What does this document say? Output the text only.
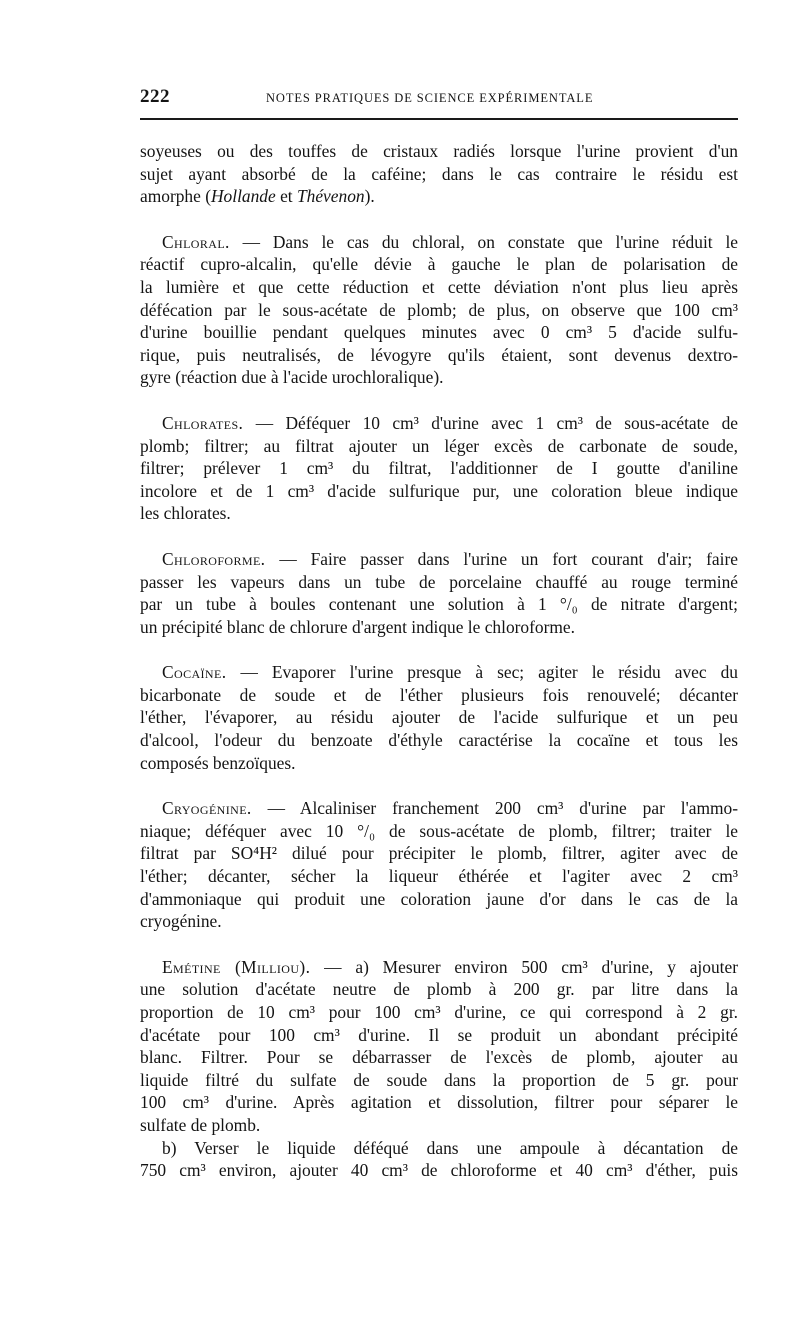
222	NOTES PRATIQUES DE SCIENCE EXPÉRIMENTALE

soyeuses ou des touffes de cristaux radiés lorsque l'urine provient d'un
sujet ayant absorbé de la caféine; dans le cas contraire le résidu est
amorphe (Hollande et Thévenon).

Chloral. — Dans le cas du chloral, on constate que l'urine réduit le
réactif cupro-alcalin, qu'elle dévie à gauche le plan de polarisation de
la lumière et que cette réduction et cette déviation n'ont plus lieu après
défécation par le sous-acétate de plomb; de plus, on observe que 100 cm³
d'urine bouillie pendant quelques minutes avec 0 cm³ 5 d'acide sulfu-
rique, puis neutralisés, de lévogyre qu'ils étaient, sont devenus dextro-
gyre (réaction due à l'acide urochloralique).

Chlorates. — Déféquer 10 cm³ d'urine avec 1 cm³ de sous-acétate de
plomb; filtrer; au filtrat ajouter un léger excès de carbonate de soude,
filtrer; prélever 1 cm³ du filtrat, l'additionner de I goutte d'aniline
incolore et de 1 cm³ d'acide sulfurique pur, une coloration bleue indique
les chlorates.

Chloroforme. — Faire passer dans l'urine un fort courant d'air; faire
passer les vapeurs dans un tube de porcelaine chauffé au rouge terminé
par un tube à boules contenant une solution à 1 °/₀ de nitrate d'argent;
un précipité blanc de chlorure d'argent indique le chloroforme.

Cocaïne. — Evaporer l'urine presque à sec; agiter le résidu avec du
bicarbonate de soude et de l'éther plusieurs fois renouvelé; décanter
l'éther, l'évaporer, au résidu ajouter de l'acide sulfurique et un peu
d'alcool, l'odeur du benzoate d'éthyle caractérise la cocaïne et tous les
composés benzoïques.

Cryogénine. — Alcaliniser franchement 200 cm³ d'urine par l'ammo-
niaque; déféquer avec 10 °/₀ de sous-acétate de plomb, filtrer; traiter le
filtrat par SO⁴H² dilué pour précipiter le plomb, filtrer, agiter avec de
l'éther; décanter, sécher la liqueur éthérée et l'agiter avec 2 cm³
d'ammoniaque qui produit une coloration jaune d'or dans le cas de la
cryogénine.

Emétine (Milliou). — a) Mesurer environ 500 cm³ d'urine, y ajouter
une solution d'acétate neutre de plomb à 200 gr. par litre dans la
proportion de 10 cm³ pour 100 cm³ d'urine, ce qui correspond à 2 gr.
d'acétate pour 100 cm³ d'urine. Il se produit un abondant précipité
blanc. Filtrer. Pour se débarrasser de l'excès de plomb, ajouter au
liquide filtré du sulfate de soude dans la proportion de 5 gr. pour
100 cm³ d'urine. Après agitation et dissolution, filtrer pour séparer le
sulfate de plomb.

b) Verser le liquide déféqué dans une ampoule à décantation de
750 cm³ environ, ajouter 40 cm³ de chloroforme et 40 cm³ d'éther, puis
